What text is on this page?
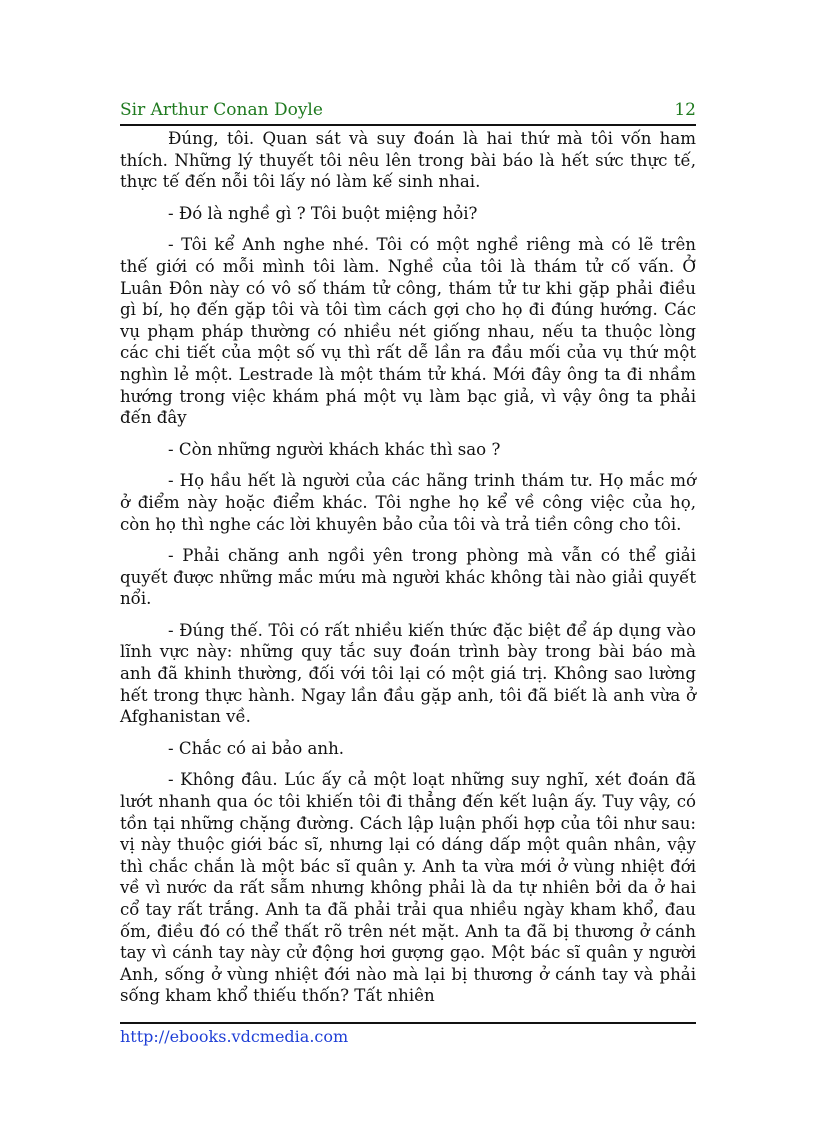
Sir Arthur Conan Doyle	12

Đúng, tôi. Quan sát và suy đoán là hai thứ mà tôi vốn ham thích. Những lý thuyết tôi nêu lên trong bài báo là hết sức thực tế, thực tế đến nỗi tôi lấy nó làm kế sinh nhai.

- Đó là nghề gì ? Tôi buột miệng hỏi?

- Tôi kể Anh nghe nhé. Tôi có một nghề riêng mà có lẽ trên thế giới có mỗi mình tôi làm. Nghề của tôi là thám tử cố vấn. Ở Luân Đôn này có vô số thám tử công, thám tử tư khi gặp phải điều gì bí, họ đến gặp tôi và tôi tìm cách gợi cho họ đi đúng hướng. Các vụ phạm pháp thường có nhiều nét giống nhau, nếu ta thuộc lòng các chi tiết của một số vụ thì rất dễ lần ra đầu mối của vụ thứ một nghìn lẻ một. Lestrade là một thám tử khá. Mới đây ông ta đi nhầm hướng trong việc khám phá một vụ làm bạc giả, vì vậy ông ta phải đến đây

- Còn những người khách khác thì sao ?

- Họ hầu hết là người của các hãng trinh thám tư. Họ mắc mớ ở điểm này hoặc điểm khác. Tôi nghe họ kể về công việc của họ, còn họ thì nghe các lời khuyên bảo của tôi và trả tiền công cho tôi.

- Phải chăng anh ngồi yên trong phòng mà vẫn có thể giải quyết được những mắc mứu mà người khác không tài nào giải quyết nổi.

- Đúng thế. Tôi có rất nhiều kiến thức đặc biệt để áp dụng vào lĩnh vực này: những quy tắc suy đoán trình bày trong bài báo mà anh đã khinh thường, đối với tôi lại có một giá trị. Không sao lường hết trong thực hành. Ngay lần đầu gặp anh, tôi đã biết là anh vừa ở Afghanistan về.

- Chắc có ai bảo anh.

- Không đâu. Lúc ấy cả một loạt những suy nghĩ, xét đoán đã lướt nhanh qua óc tôi khiến tôi đi thẳng đến kết luận ấy. Tuy vậy, có tồn tại những chặng đường. Cách lập luận phối hợp của tôi như sau: vị này thuộc giới bác sĩ, nhưng lại có dáng dấp một quân nhân, vậy thì chắc chắn là một bác sĩ quân y. Anh ta vừa mới ở vùng nhiệt đới về vì nước da rất sẫm nhưng không phải là da tự nhiên bởi da ở hai cổ tay rất trắng. Anh ta đã phải trải qua nhiều ngày kham khổ, đau ốm, điều đó có thể thất rõ trên nét mặt. Anh ta đã bị thương ở cánh tay vì cánh tay này cử động hơi gượng gạo. Một bác sĩ quân y người Anh, sống ở vùng nhiệt đới nào mà lại bị thương ở cánh tay và phải sống kham khổ thiếu thốn? Tất nhiên

http://ebooks.vdcmedia.com
